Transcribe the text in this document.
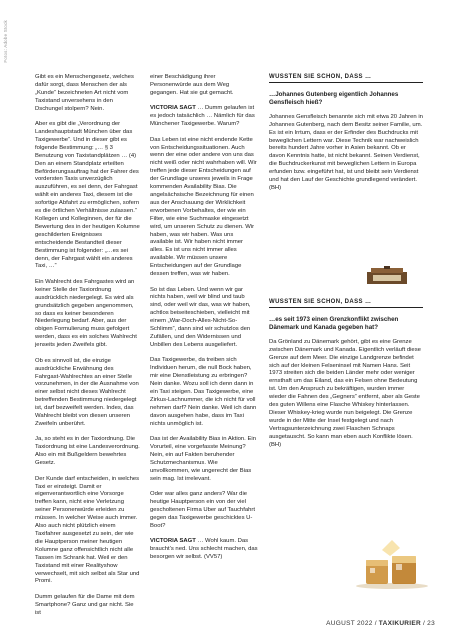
Fotos: Adobe Stock

Gibt es ein Menschengesetz, welches dafür sorgt, dass Menschen der als „Kunde“ bezeichneten Art nicht vom Taxistand unversehens in den Dschungel stolpern? Nein.

Aber es gibt die „Verordnung der Landeshauptstadt München über das Taxigewerbe“. Und in dieser gibt es folgende Bestimmung: „… § 3 Benutzung von Taxistandplätzen … (4) Den an einem Standplatz erteilten Beförderungsauftrag hat der Fahrer des vordersten Taxis unverzüglich auszuführen, es sei denn, der Fahrgast wählt ein anderes Taxi, diesem ist die sofortige Abfahrt zu ermöglichen, sofern es die örtlichen Verhältnisse zulassen.“ Kollegen und Kolleginnen, der für die Bewertung des in der heutigen Kolumne geschilderten Ereignisses entscheidende Bestandteil dieser Bestimmung ist folgender: „…es sei denn, der Fahrgast wählt ein anderes Taxi, …“

Ein Wahlrecht des Fahrgastes wird an keiner Stelle der Taxiordnung ausdrücklich niedergelegt. Es wird als grundsätzlich gegeben angenommen, so dass es keiner besonderen Niederlegung bedarf. Aber, aus der obigen Formulierung muss gefolgert werden, dass es ein solches Wahlrecht jenseits jeden Zweifels gibt.

Ob es sinnvoll ist, die einzige ausdrückliche Erwähnung des Fahrgast-Wahlrechtes an einer Stelle vorzunehmen, in der die Ausnahme von einer selbst nicht dieses Wahlrecht betreffenden Bestimmung niedergelegt ist, darf bezweifelt werden. Indes, das Wahlrecht bleibt von diesen unseren Zweifeln unberührt.

Ja, so steht es in der Taxiordnung. Die Taxiordnung ist eine Landesverordnung. Also ein mit Bußgeldern bewehrtes Gesetz.

Der Kunde darf entscheiden, in welches Taxi er einsteigt. Damit er eigenverantwortlich eine Vorsorge treffen kann, nicht eine Verletzung seiner Personenwürde erleiden zu müssen. In welcher Weise auch immer. Also auch nicht plützlich einem Taxifahrer ausgesetzt zu sein, der wie die Hauptperson meiner heutigen Kolumne ganz offensichtlich nicht alle Tassen im Schrank hat. Weil er den Taxistand mit einer Realityshow verwechselt, mit sich selbst als Star und Promi.

Dumm gelaufen für die Dame mit dem Smartphone? Ganz und gar nicht. Sie ist

einer Beschädigung ihrer Personenwürde aus dem Weg gegangen. Hat sie gut gemacht.

VICTORIA SAGT … Dumm gelaufen ist es jedoch tatsächlich … Nämlich für das Münchener Taxigewerbe. Warum?

Das Leben ist eine nicht endende Kette von Entscheidungssituationen. Auch wenn der eine oder andere von uns das nicht weiß oder nicht wahrhaben will. Wir treffen jede dieser Entscheidungen auf der Grundlage unseres jeweils in Frage kommenden Availability Bias. Die angelsächsische Bezeichnung für einen aus der Anschauung der Wirklichkeit erworbenen Vorbehaltes, der wie ein Filter, wie eine Suchmaske eingesetzt wird, um unseren Schutz zu dienen. Wir haben, was wir haben. Was uns available ist. Wir haben nicht immer alles. Es ist uns nicht immer alles available. Wir müssen unsere Entscheidungen auf der Grundlage dessen treffen, was wir haben.

So ist das Leben. Und wenn wir gar nichts haben, weil wir blind und taub sind, oder weil wir das, was wir haben, achtlos beiseiteschieben, vielleicht mit einem „War-Doch-Alles-Nicht-So-Schlimm“, dann sind wir schutzlos den Zufällen, und den Widernissen und Unbillen des Lebens ausgeliefert.

Das Taxigewerbe, da treiben sich Individuen herum, die null Bock haben, mir eine Dienstleistung zu erbringen? Nein danke. Wozu soll ich denn dann in ein Taxi steigen. Das Taxigewerbe, eine Zirkus-Lachnummer, die ich nicht für voll nehmen darf? Nein danke. Weil ich dann davon ausgehen habe, dass im Taxi nichts unmöglich ist.

Das ist der Availability Bias in Aktion. Ein Vorurteil, eine vorgefasste Meinung? Nein, ein auf Fakten beruhender Schutzmechanismus. Wie unvollkommen, wie ungerecht der Bias sein mag. Ist irrelevant.

Oder war alles ganz anders? War die heutige Hauptperson ein von der viel gescholtenen Firma Uber auf Tauchfahrt gegen das Taxigewerbe geschicktes U-Boot?

VICTORIA SAGT … Wohl kaum. Das braucht’s ned. Uns schlecht machen, das besorgen wir selbst. (VV57)

WUSSTEN SIE SCHON, DASS …
…Johannes Gutenberg eigentlich Johannes Gensfleisch hieß?

Johannes Gensfleisch benannte sich mit etwa 20 Jahren in Johannes Gutenberg, nach dem Besitz seiner Familie, um. Es ist ein Irrtum, dass er der Erfinder des Buchdrucks mit beweglichen Lettern war. Diese Technik war nachweislich bereits hundert Jahre vorher in Asien bekannt. Ob er davon Kenntnis hatte, ist nicht bekannt. Seinen Verdienst, die Buchdruckerkunst mit beweglichen Lettern in Europa erfunden bzw. eingeführt hat, ist und bleibt sein Verdienst und hat den Lauf der Geschichte grundlegend verändert. (BH)

WUSSTEN SIE SCHON, DASS …
…es seit 1973 einen Grenzkonflikt zwischen Dänemark und Kanada gegeben hat?

Da Grönland zu Dänemark gehört, gibt es eine Grenze zwischen Dänemark und Kanada. Eigentlich verläuft diese Grenze auf dem Meer. Die einzige Landgrenze befindet sich auf der kleinen Felseninsel mit Namen Hans. Seit 1973 streiten sich die beiden Länder mehr oder weniger ernsthaft um das Eiland, das ein Felsen ohne Bedeutung ist. Um den Anspruch zu bekräftigen, wurden immer wieder die Fahnen des „Gegners“ entfernt, aber als Geste des guten Willens eine Flasche Whiskey hinterlassen. Dieser Whiskey-krieg wurde nun beigelegt. Die Grenze wurde in der Mitte der Insel festgelegt und nach Vertragsunterzeichnung zwei Flaschen Schnaps ausgetauscht. So kann man eben auch Konflikte lösen. (BH)

AUGUST 2022 / TAXIKURIER / 23
